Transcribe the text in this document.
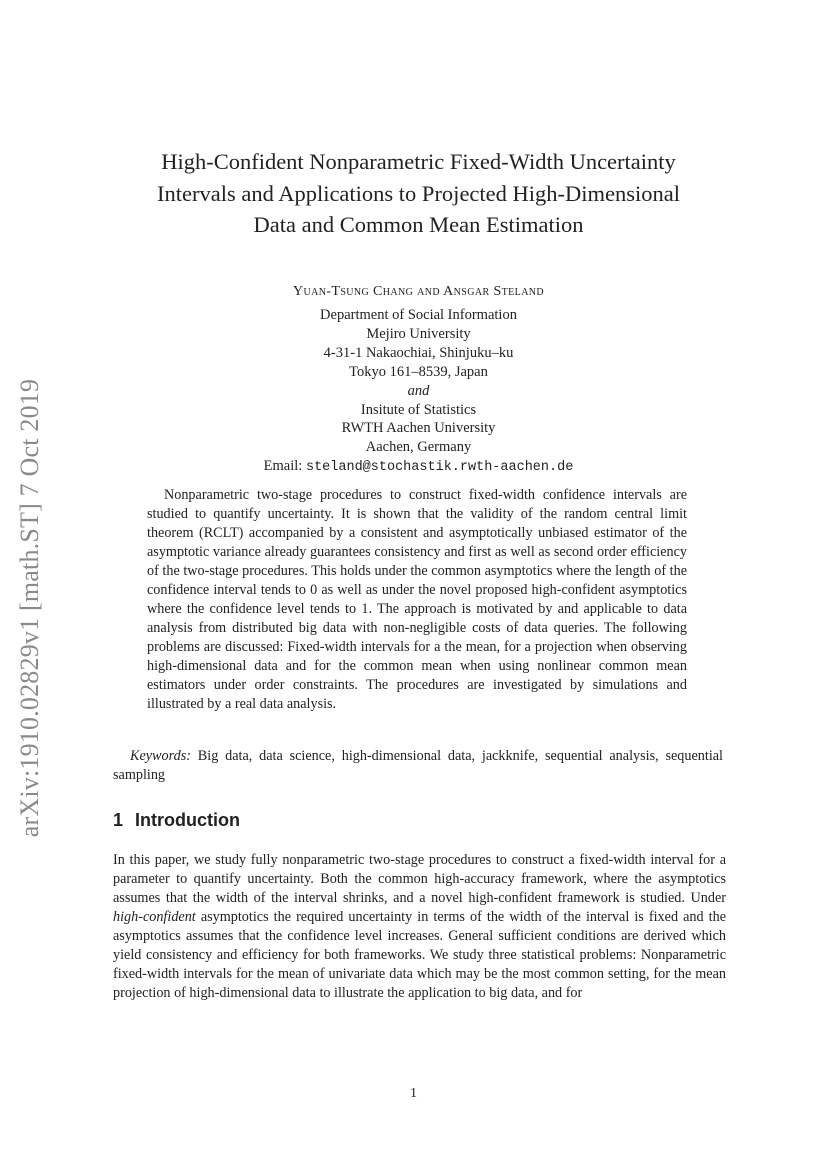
arXiv:1910.02829v1 [math.ST] 7 Oct 2019
High-Confident Nonparametric Fixed-Width Uncertainty Intervals and Applications to Projected High-Dimensional Data and Common Mean Estimation
Yuan-Tsung Chang and Ansgar Steland
Department of Social Information
Mejiro University
4-31-1 Nakaochiai, Shinjuku–ku
Tokyo 161–8539, Japan
and
Insitute of Statistics
RWTH Aachen University
Aachen, Germany
Email: steland@stochastik.rwth-aachen.de
Nonparametric two-stage procedures to construct fixed-width confidence intervals are studied to quantify uncertainty. It is shown that the validity of the random central limit theorem (RCLT) accompanied by a consistent and asymptotically unbiased estimator of the asymptotic variance already guarantees consistency and first as well as second order efficiency of the two-stage procedures. This holds under the common asymptotics where the length of the confidence interval tends to 0 as well as under the novel proposed high-confident asymptotics where the confidence level tends to 1. The approach is motivated by and applicable to data analysis from distributed big data with non-negligible costs of data queries. The following problems are discussed: Fixed-width intervals for a the mean, for a projection when observing high-dimensional data and for the common mean when using nonlinear common mean estimators under order constraints. The procedures are investigated by simulations and illustrated by a real data analysis.
Keywords: Big data, data science, high-dimensional data, jackknife, sequential analysis, sequential sampling
1 Introduction
In this paper, we study fully nonparametric two-stage procedures to construct a fixed-width interval for a parameter to quantify uncertainty. Both the common high-accuracy framework, where the asymptotics assumes that the width of the interval shrinks, and a novel high-confident framework is studied. Under high-confident asymptotics the required uncertainty in terms of the width of the interval is fixed and the asymptotics assumes that the confidence level increases. General sufficient conditions are derived which yield consistency and efficiency for both frameworks. We study three statistical problems: Nonparametric fixed-width intervals for the mean of univariate data which may be the most common setting, for the mean projection of high-dimensional data to illustrate the application to big data, and for
1
